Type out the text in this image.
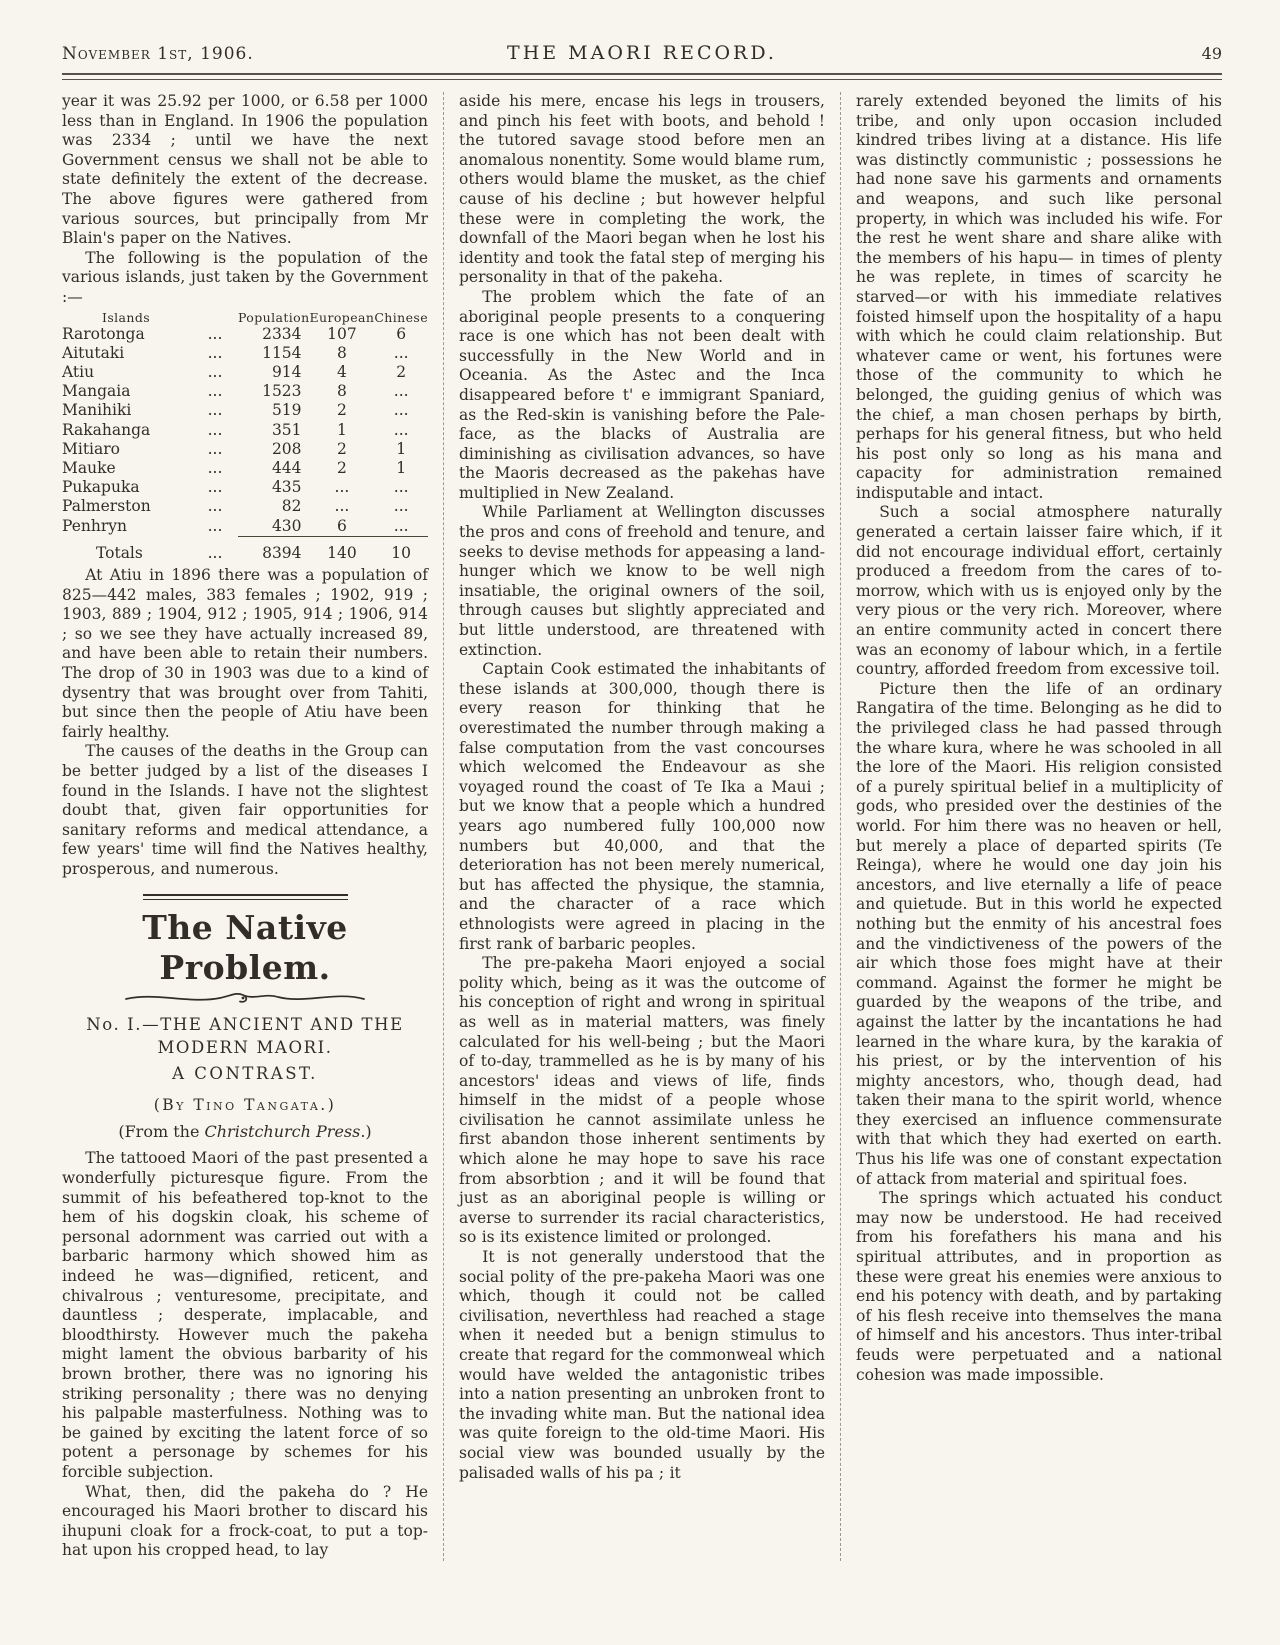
November 1st, 1906.	THE MAORI RECORD.	49

year it was 25.92 per 1000, or 6.58 per 1000 less than in England. In 1906 the population was 2334 ; until we have the next Government census we shall not be able to state definitely the extent of the decrease. The above figures were gathered from various sources, but principally from Mr Blain's paper on the Natives.

The following is the population of the various islands, just taken by the Government :—

Islands		Population	European	Chinese
Rarotonga	...	2334	107	6
Aitutaki	...	1154	8	...
Atiu	...	914	4	2
Mangaia	...	1523	8	...
Manihiki	...	519	2	...
Rakahanga	...	351	1	...
Mitiaro	...	208	2	1
Mauke	...	444	2	1
Pukapuka	...	435	...	...
Palmerston	...	82	...	...
Penhryn	...	430	6	...
Totals	...	8394	140	10

At Atiu in 1896 there was a population of 825—442 males, 383 females ; 1902, 919 ; 1903, 889 ; 1904, 912 ; 1905, 914 ; 1906, 914 ; so we see they have actually increased 89, and have been able to retain their numbers. The drop of 30 in 1903 was due to a kind of dysentry that was brought over from Tahiti, but since then the people of Atiu have been fairly healthy.

The causes of the deaths in the Group can be better judged by a list of the diseases I found in the Islands. I have not the slightest doubt that, given fair opportunities for sanitary reforms and medical attendance, a few years' time will find the Natives healthy, prosperous, and numerous.

The Native Problem.
No. I.—THE ANCIENT AND THE
MODERN MAORI.
A CONTRAST.
(By Tino Tangata.)
(From the Christchurch Press.)

The tattooed Maori of the past presented a wonderfully picturesque figure. From the summit of his befeathered top-knot to the hem of his dogskin cloak, his scheme of personal adornment was carried out with a barbaric harmony which showed him as indeed he was—dignified, reticent, and chivalrous ; venturesome, precipitate, and dauntless ; desperate, implacable, and bloodthirsty. However much the pakeha might lament the obvious barbarity of his brown brother, there was no ignoring his striking personality ; there was no denying his palpable masterfulness. Nothing was to be gained by exciting the latent force of so potent a personage by schemes for his forcible subjection.

What, then, did the pakeha do ? He encouraged his Maori brother to discard his ihupuni cloak for a frock-coat, to put a top-hat upon his cropped head, to lay

aside his mere, encase his legs in trousers, and pinch his feet with boots, and behold ! the tutored savage stood before men an anomalous nonentity. Some would blame rum, others would blame the musket, as the chief cause of his decline ; but however helpful these were in completing the work, the downfall of the Maori began when he lost his identity and took the fatal step of merging his personality in that of the pakeha.

The problem which the fate of an aboriginal people presents to a conquering race is one which has not been dealt with successfully in the New World and in Oceania. As the Astec and the Inca disappeared before t' e immigrant Spaniard, as the Red-skin is vanishing before the Pale-face, as the blacks of Australia are diminishing as civilisation advances, so have the Maoris decreased as the pakehas have multiplied in New Zealand.

While Parliament at Wellington discusses the pros and cons of freehold and tenure, and seeks to devise methods for appeasing a land-hunger which we know to be well nigh insatiable, the original owners of the soil, through causes but slightly appreciated and but little understood, are threatened with extinction.

Captain Cook estimated the inhabitants of these islands at 300,000, though there is every reason for thinking that he overestimated the number through making a false computation from the vast concourses which welcomed the Endeavour as she voyaged round the coast of Te Ika a Maui ; but we know that a people which a hundred years ago numbered fully 100,000 now numbers but 40,000, and that the deterioration has not been merely numerical, but has affected the physique, the stamnia, and the character of a race which ethnologists were agreed in placing in the first rank of barbaric peoples.

The pre-pakeha Maori enjoyed a social polity which, being as it was the outcome of his conception of right and wrong in spiritual as well as in material matters, was finely calculated for his well-being ; but the Maori of to-day, trammelled as he is by many of his ancestors' ideas and views of life, finds himself in the midst of a people whose civilisation he cannot assimilate unless he first abandon those inherent sentiments by which alone he may hope to save his race from absorbtion ; and it will be found that just as an aboriginal people is willing or averse to surrender its racial characteristics, so is its existence limited or prolonged.

It is not generally understood that the social polity of the pre-pakeha Maori was one which, though it could not be called civilisation, neverthless had reached a stage when it needed but a benign stimulus to create that regard for the commonweal which would have welded the antagonistic tribes into a nation presenting an unbroken front to the invading white man. But the national idea was quite foreign to the old-time Maori. His social view was bounded usually by the palisaded walls of his pa ; it

rarely extended beyoned the limits of his tribe, and only upon occasion included kindred tribes living at a distance. His life was distinctly communistic ; possessions he had none save his garments and ornaments and weapons, and such like personal property, in which was included his wife. For the rest he went share and share alike with the members of his hapu— in times of plenty he was replete, in times of scarcity he starved—or with his immediate relatives foisted himself upon the hospitality of a hapu with which he could claim relationship. But whatever came or went, his fortunes were those of the community to which he belonged, the guiding genius of which was the chief, a man chosen perhaps by birth, perhaps for his general fitness, but who held his post only so long as his mana and capacity for administration remained indisputable and intact.

Such a social atmosphere naturally generated a certain laisser faire which, if it did not encourage individual effort, certainly produced a freedom from the cares of to-morrow, which with us is enjoyed only by the very pious or the very rich. Moreover, where an entire community acted in concert there was an economy of labour which, in a fertile country, afforded freedom from excessive toil.

Picture then the life of an ordinary Rangatira of the time. Belonging as he did to the privileged class he had passed through the whare kura, where he was schooled in all the lore of the Maori. His religion consisted of a purely spiritual belief in a multiplicity of gods, who presided over the destinies of the world. For him there was no heaven or hell, but merely a place of departed spirits (Te Reinga), where he would one day join his ancestors, and live eternally a life of peace and quietude. But in this world he expected nothing but the enmity of his ancestral foes and the vindictiveness of the powers of the air which those foes might have at their command. Against the former he might be guarded by the weapons of the tribe, and against the latter by the incantations he had learned in the whare kura, by the karakia of his priest, or by the intervention of his mighty ancestors, who, though dead, had taken their mana to the spirit world, whence they exercised an influence commensurate with that which they had exerted on earth. Thus his life was one of constant expectation of attack from material and spiritual foes.

The springs which actuated his conduct may now be understood. He had received from his forefathers his mana and his spiritual attributes, and in proportion as these were great his enemies were anxious to end his potency with death, and by partaking of his flesh receive into themselves the mana of himself and his ancestors. Thus inter-tribal feuds were perpetuated and a national cohesion was made impossible.
